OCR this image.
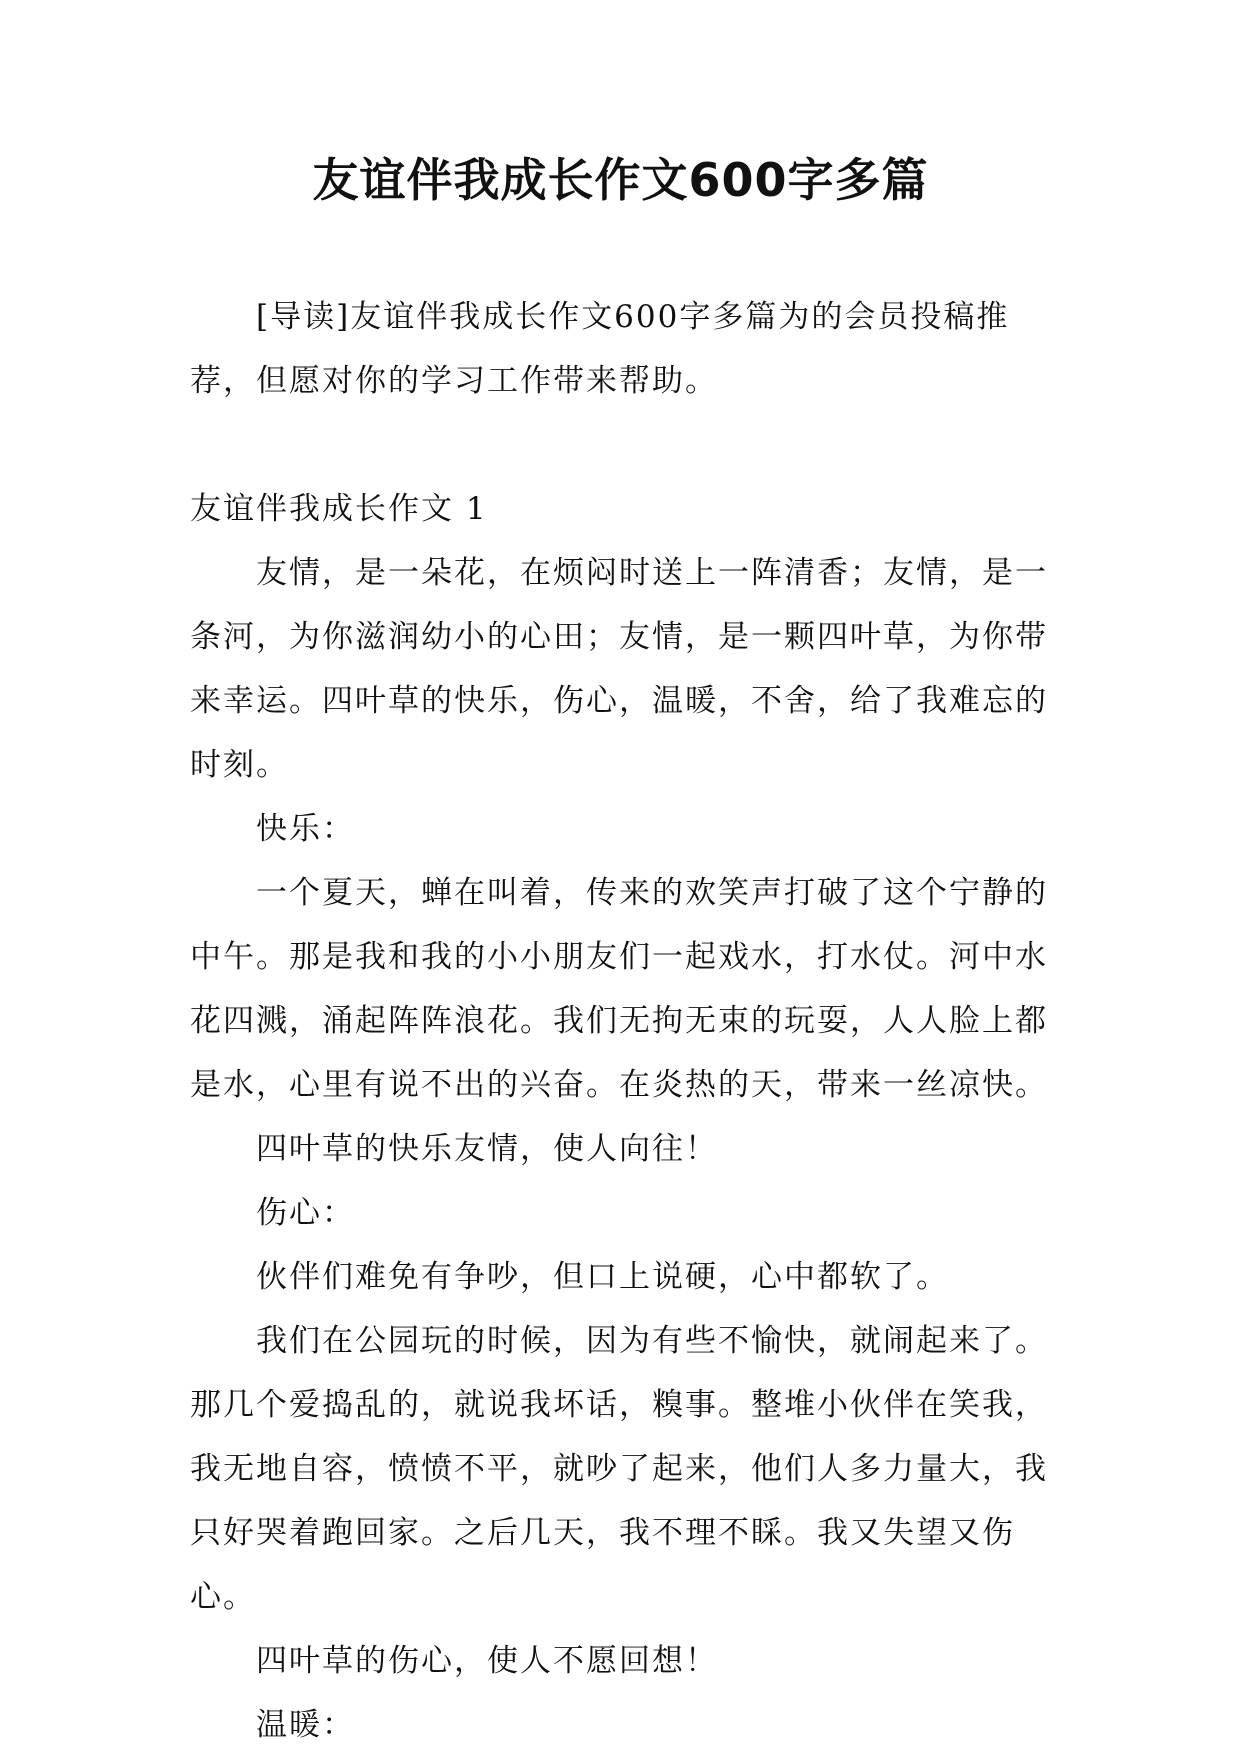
友谊伴我成长作文600字多篇

[导读]友谊伴我成长作文600字多篇为的会员投稿推荐，但愿对你的学习工作带来帮助。

友谊伴我成长作文 1

友情，是一朵花，在烦闷时送上一阵清香；友情，是一条河，为你滋润幼小的心田；友情，是一颗四叶草，为你带来幸运。四叶草的快乐，伤心，温暖，不舍，给了我难忘的时刻。

快乐：

一个夏天，蝉在叫着，传来的欢笑声打破了这个宁静的中午。那是我和我的小小朋友们一起戏水，打水仗。河中水花四溅，涌起阵阵浪花。我们无拘无束的玩耍，人人脸上都是水，心里有说不出的兴奋。在炎热的天，带来一丝凉快。

四叶草的快乐友情，使人向往！

伤心：

伙伴们难免有争吵，但口上说硬，心中都软了。

我们在公园玩的时候，因为有些不愉快，就闹起来了。那几个爱捣乱的，就说我坏话，糗事。整堆小伙伴在笑我，我无地自容，愤愤不平，就吵了起来，他们人多力量大，我只好哭着跑回家。之后几天，我不理不睬。我又失望又伤心。

四叶草的伤心，使人不愿回想！

温暖：
